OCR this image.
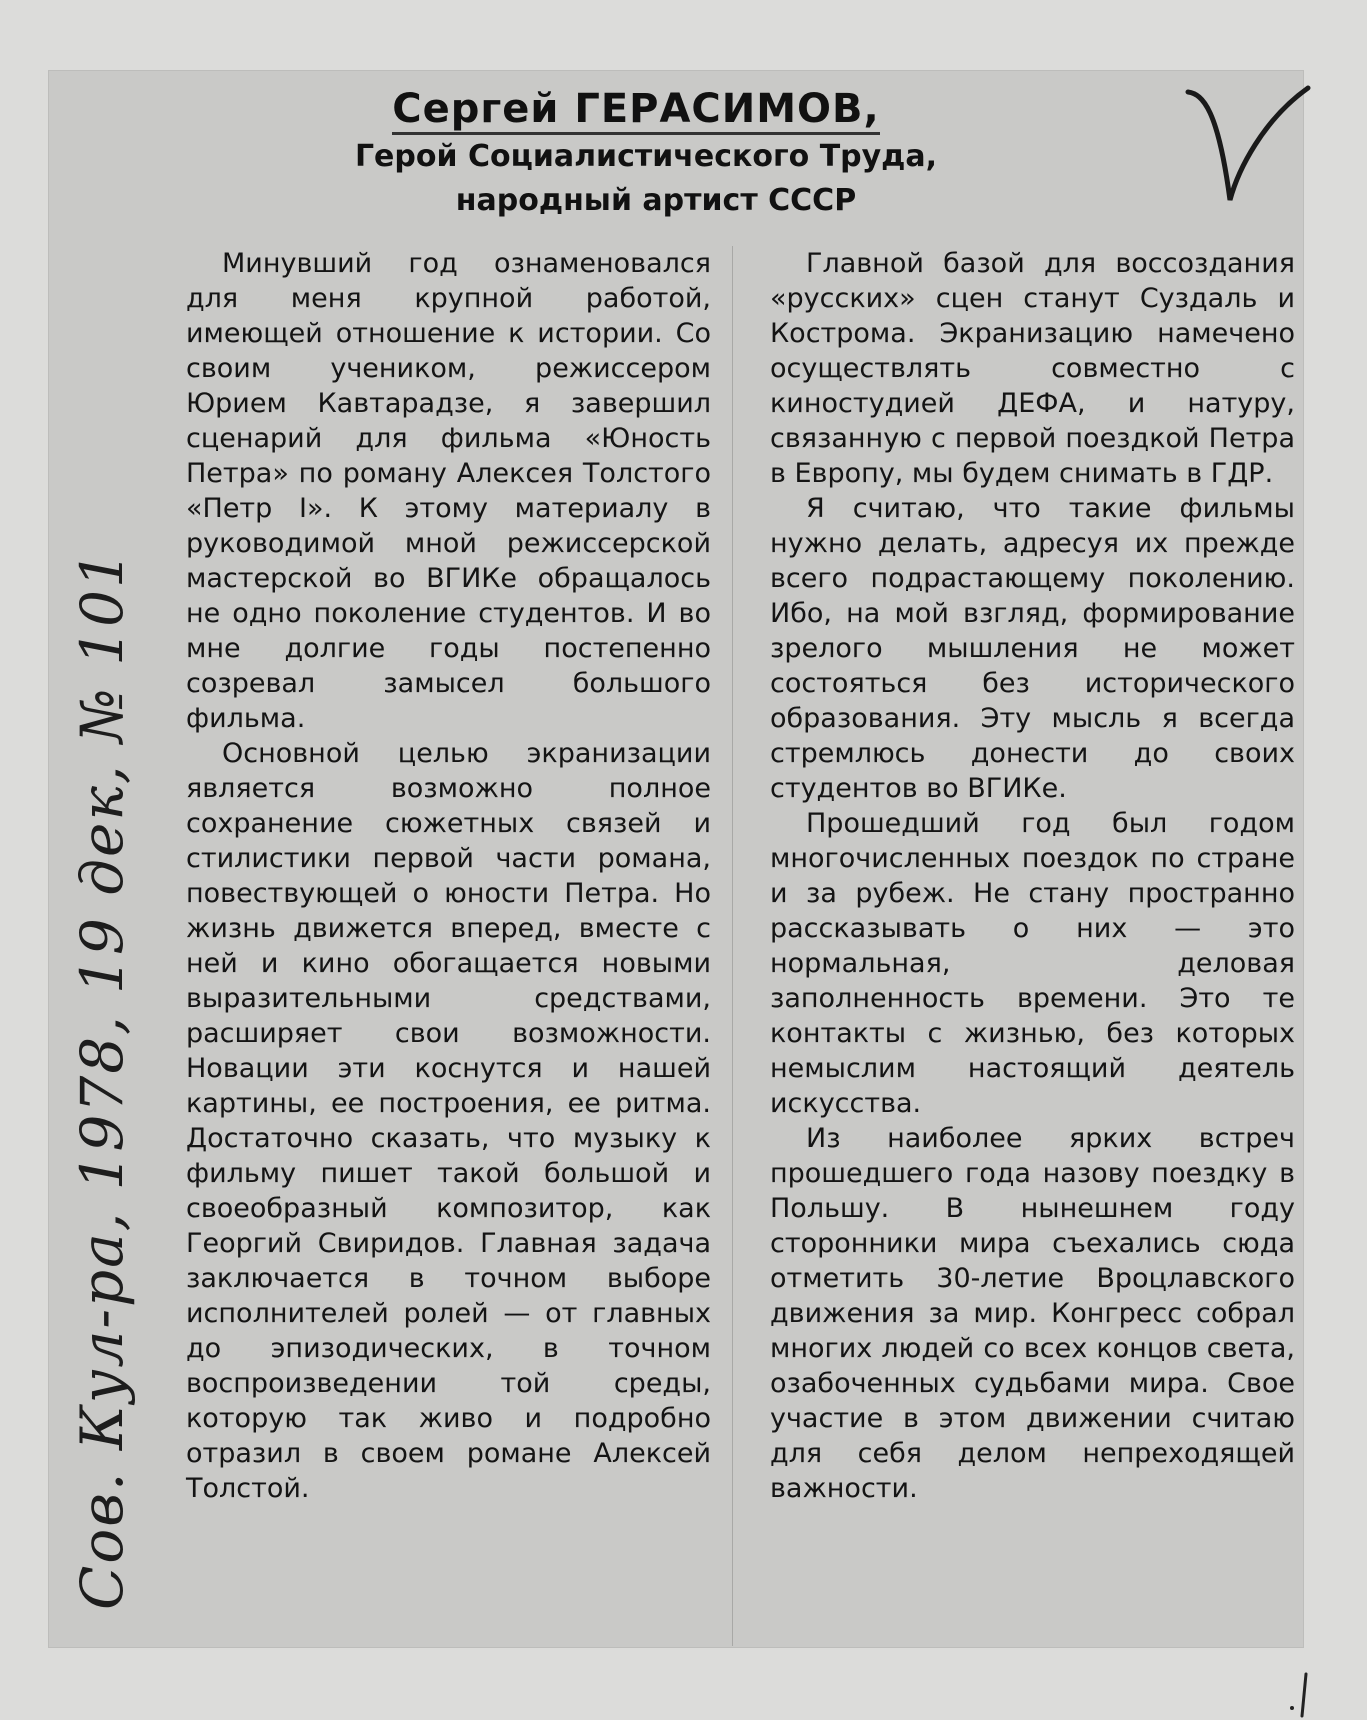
Сергей ГЕРАСИМОВ,
Герой Социалистического Труда,
народный артист СССР

Минувший год ознаменовался для меня крупной работой, имеющей отношение к истории. Со своим учеником, режиссером Юрием Кавтарадзе, я завершил сценарий для фильма «Юность Петра» по роману Алексея Толстого «Петр I». К этому материалу в руководимой мной режиссерской мастерской во ВГИКе обращалось не одно поколение студентов. И во мне долгие годы постепенно созревал замысел большого фильма.

Основной целью экранизации является возможно полное сохранение сюжетных связей и стилистики первой части романа, повествующей о юности Петра. Но жизнь движется вперед, вместе с ней и кино обогащается новыми выразительными средствами, расширяет свои возможности. Новации эти коснутся и нашей картины, ее построения, ее ритма. Достаточно сказать, что музыку к фильму пишет такой большой и своеобразный композитор, как Георгий Свиридов. Главная задача заключается в точном выборе исполнителей ролей — от главных до эпизодических, в точном воспроизведении той среды, которую так живо и подробно отразил в своем романе Алексей Толстой.

Главной базой для воссоздания «русских» сцен станут Суздаль и Кострома. Экранизацию намечено осуществлять совместно с киностудией ДЕФА, и натуру, связанную с первой поездкой Петра в Европу, мы будем снимать в ГДР.

Я считаю, что такие фильмы нужно делать, адресуя их прежде всего подрастающему поколению. Ибо, на мой взгляд, формирование зрелого мышления не может состояться без исторического образования. Эту мысль я всегда стремлюсь донести до своих студентов во ВГИКе.

Прошедший год был годом многочисленных поездок по стране и за рубеж. Не стану пространно рассказывать о них — это нормальная, деловая заполненность времени. Это те контакты с жизнью, без которых немыслим настоящий деятель искусства.

Из наиболее ярких встреч прошедшего года назову поездку в Польшу. В нынешнем году сторонники мира съехались сюда отметить 30-летие Вроцлавского движения за мир. Конгресс собрал многих людей со всех концов света, озабоченных судьбами мира. Свое участие в этом движении считаю для себя делом непреходящей важности.

Сов. Кул-ра, 1978, 19 дек, № 101
